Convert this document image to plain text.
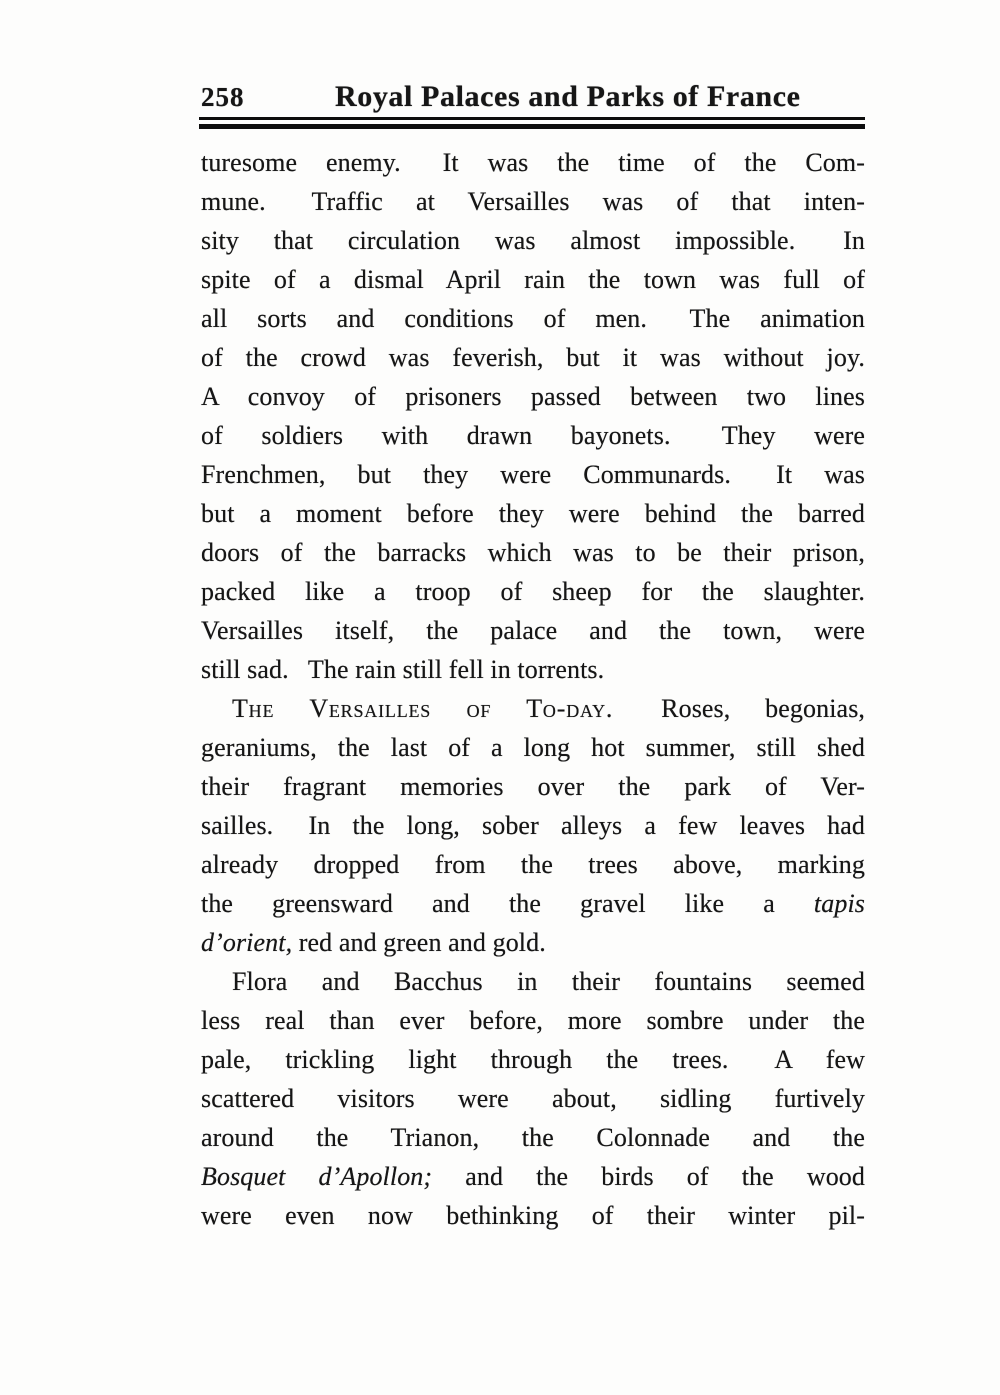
258	Royal Palaces and Parks of France
turesome enemy.  It was the time of the Com-
mune.  Traffic at Versailles was of that inten-
sity that circulation was almost impossible.  In
spite of a dismal April rain the town was full of
all sorts and conditions of men.  The animation
of the crowd was feverish, but it was without joy.
A convoy of prisoners passed between two lines
of soldiers with drawn bayonets.  They were
Frenchmen, but they were Communards.  It was
but a moment before they were behind the barred
doors of the barracks which was to be their prison,
packed like a troop of sheep for the slaughter.
Versailles itself, the palace and the town, were
still sad.  The rain still fell in torrents.
The Versailles of To-day.  Roses, begonias,
geraniums, the last of a long hot summer, still shed
their fragrant memories over the park of Ver-
sailles.  In the long, sober alleys a few leaves had
already dropped from the trees above, marking
the greensward and the gravel like a tapis
d’orient, red and green and gold.
Flora and Bacchus in their fountains seemed
less real than ever before, more sombre under the
pale, trickling light through the trees.  A few
scattered visitors were about, sidling furtively
around the Trianon, the Colonnade and the
Bosquet d’Apollon; and the birds of the wood
were even now bethinking of their winter pil-
